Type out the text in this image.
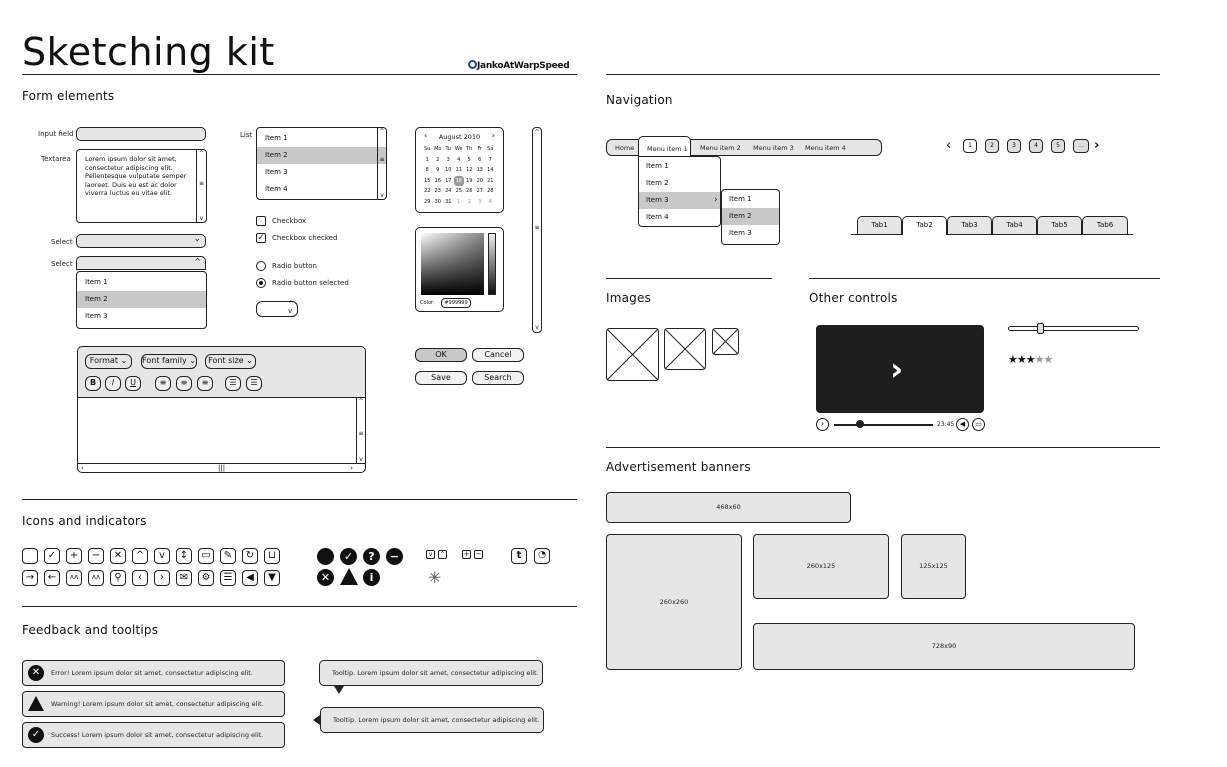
Sketching kit	JankoAtWarpSpeed
Form elements
Input field
Textarea Lorem ipsum dolor sit amet, consectetur adipiscing elit. Pellentesque vulputate semper laoreet. Duis eu est ac dolor viverra luctus eu vitae elit.
^
≡
v
Select	⌄
Select	^
Item 1
Item 2
Item 3
List	Item 1
Item 2
Item 3
Item 4
^
≡
v
Checkbox
✓ Checkbox checked
Radio button
Radio button selected
^
v
‹	August 2010	›
Su	Mo	Tu	We	Th	Fr	Sa
1	2	3	4	5	6	7
8	9	10	11	12	13	14
15	16	17	18	19	20	21
22	23	24	25	26	27	28
29	30	31	1	2	3	4
Color:	#999999
^
≡
v
Format ⌄	Font family ⌄	Font size ⌄
B	I	U	≡	≡	≡	☰	☰
^
≡
v
‹	|||	›
OK	Cancel
Save	Search
Icons and indicators
✓	+	−	✕	^	v	↕	▭	✎	↻	⊔
→	←	ʌʌ	ʌʌ	⚲	‹	›	✉	⚙	☰	◀	▼
✓	?	−
✕	i
v	^	+ −
✳
t	◔
Feedback and tooltips
✕	Error! Lorem ipsum dolor sit amet, consectetur adipiscing elit.
Warning! Lorem ipsum dolor sit amet, consectetur adipiscing elit.
✓	Success! Lorem ipsum dolor sit amet, consectetur adipiscing elit.
Tooltip. Lorem ipsum dolor sit amet, consectetur adipiscing elit.
Tooltip. Lorem ipsum dolor sit amet, consectetur adipiscing elit.
Navigation
Home	Menu item 2 Menu item 3 Menu item 4
Menu item 1
Item 1
Item 2
Item 3	›
Item 4
Item 1
Item 2
Item 3
‹	1	2	3	4	5	... ›
Tab1	Tab2	Tab3	Tab4	Tab5	Tab6
Images	Other controls
›
›	23:45 ◀	▭
★★★★★
Advertisement banners
468x60
260x260
260x125	125x125
728x90
